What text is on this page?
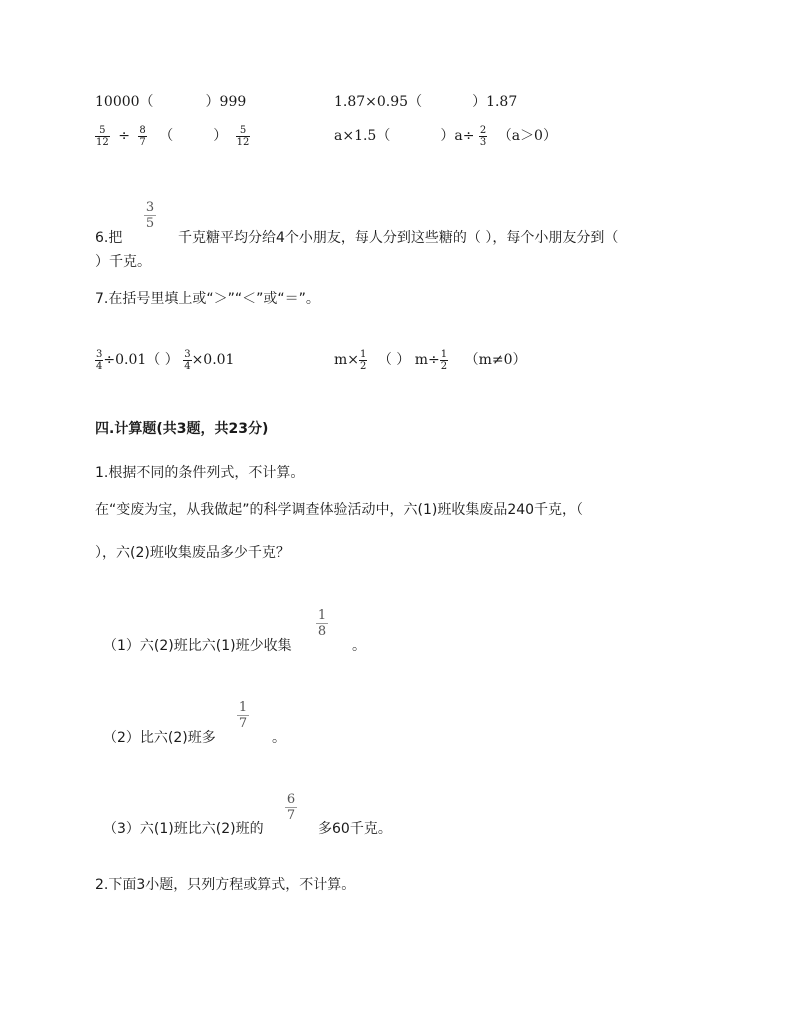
10000（	）999	1.87×0.95（	）1.87
$\frac{5}{12} \div \frac{8}{7}$ （	） $\frac{5}{12}$	a×1.5（	）$a\div \frac{2}{3} (a>0)$
6.把
3
5
千克糖平均分给4个小朋友，每人分到这些糖的（ ），每个小朋友分到（
）千克。
7.在括号里填上或“＞”“＜”或“＝”。
$\frac{3}{4} \div 0.01$（ ） $\frac{3}{4} \times 0.01$	$m\times \frac{1}{2}$ （ ） $m\div \frac{1}{2} (m\ne 0)$
四.计算题(共3题，共23分)
1.根据不同的条件列式，不计算。
在“变废为宝，从我做起”的科学调查体验活动中，六(1)班收集废品240千克，（
），六(2)班收集废品多少千克？
（1）六(2)班比六(1)班少收集
1
8
。
（2）比六(2)班多
1
7
。
（3）六(1)班比六(2)班的
6
7
多60千克。
2.下面3小题，只列方程或算式，不计算。
